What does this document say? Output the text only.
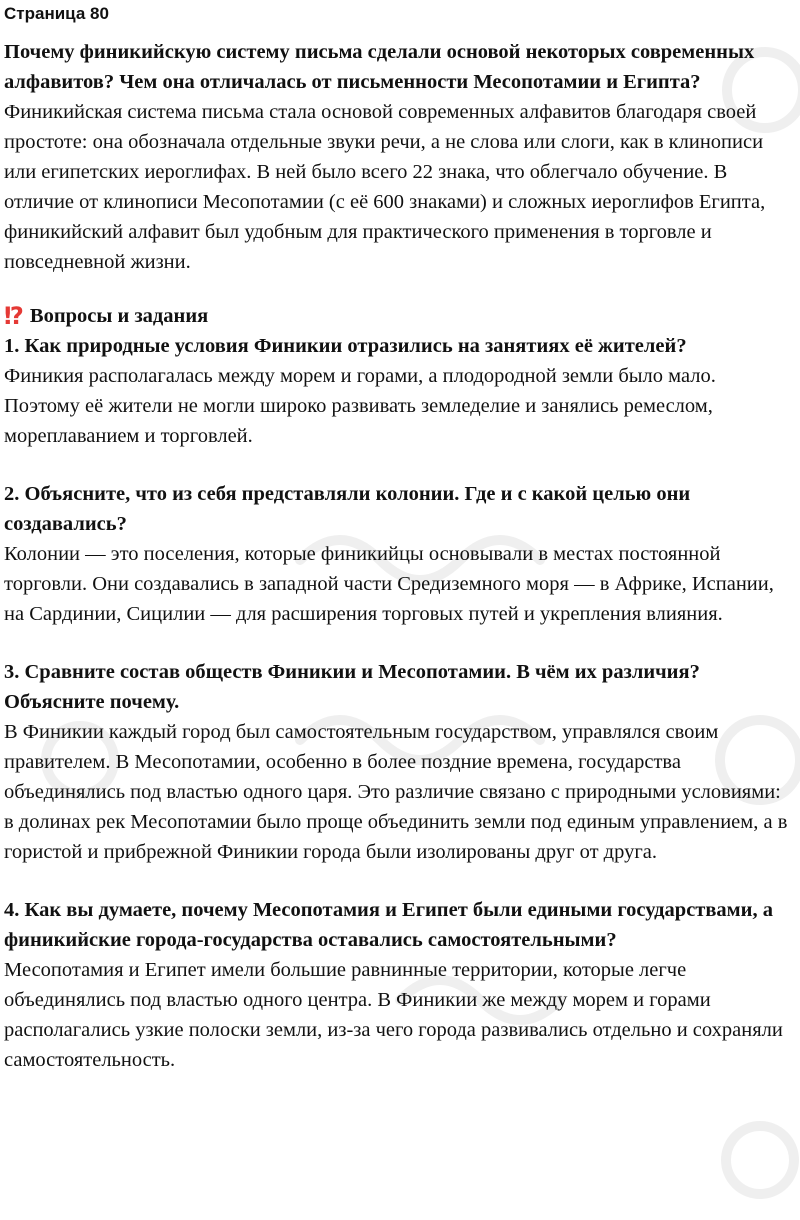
Страница 80

Почему финикийскую систему письма сделали основой некоторых современных алфавитов? Чем она отличалась от письменности Месопотамии и Египта?

Финикийская система письма стала основой современных алфавитов благодаря своей простоте: она обозначала отдельные звуки речи, а не слова или слоги, как в клинописи или египетских иероглифах. В ней было всего 22 знака, что облегчало обучение. В отличие от клинописи Месопотамии (с её 600 знаками) и сложных иероглифов Египта, финикийский алфавит был удобным для практического применения в торговле и повседневной жизни.

⁉ Вопросы и задания

1. Как природные условия Финикии отразились на занятиях её жителей?

Финикия располагалась между морем и горами, а плодородной земли было мало. Поэтому её жители не могли широко развивать земледелие и занялись ремеслом, мореплаванием и торговлей.

2. Объясните, что из себя представляли колонии. Где и с какой целью они создавались?

Колонии — это поселения, которые финикийцы основывали в местах постоянной торговли. Они создавались в западной части Средиземного моря — в Африке, Испании, на Сардинии, Сицилии — для расширения торговых путей и укрепления влияния.

3. Сравните состав обществ Финикии и Месопотамии. В чём их различия? Объясните почему.

В Финикии каждый город был самостоятельным государством, управлялся своим правителем. В Месопотамии, особенно в более поздние времена, государства объединялись под властью одного царя. Это различие связано с природными условиями: в долинах рек Месопотамии было проще объединить земли под единым управлением, а в гористой и прибрежной Финикии города были изолированы друг от друга.

4. Как вы думаете, почему Месопотамия и Египет были едиными государствами, а финикийские города-государства оставались самостоятельными?

Месопотамия и Египет имели большие равнинные территории, которые легче объединялись под властью одного центра. В Финикии же между морем и горами располагались узкие полоски земли, из-за чего города развивались отдельно и сохраняли самостоятельность.
